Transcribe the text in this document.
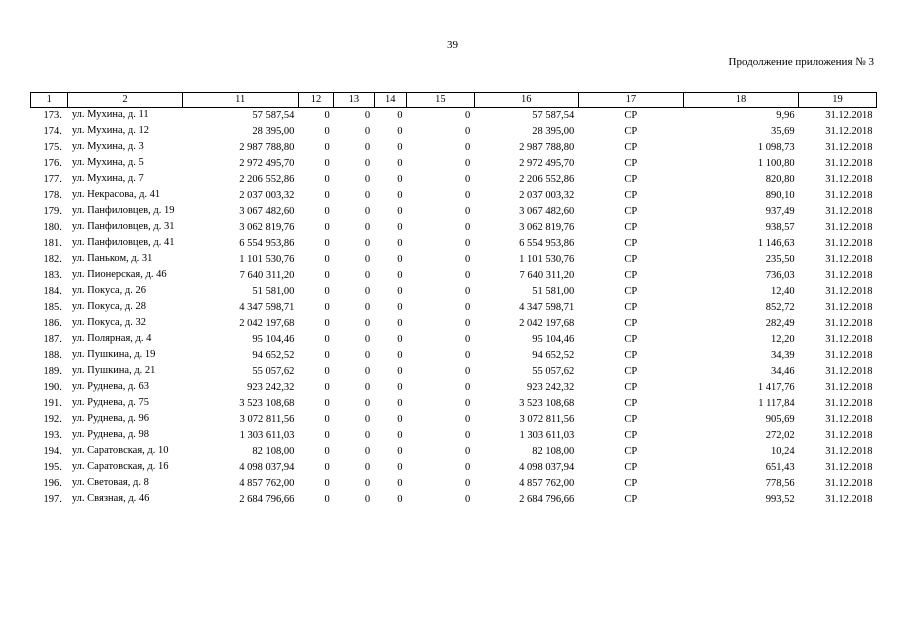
39
Продолжение приложения № 3
1	2	11	12	13	14	15	16	17	18	19
173.	ул. Мухина, д. 11	57 587,54	0	0	0	0	57 587,54	СР	9,96	31.12.2018
174.	ул. Мухина, д. 12	28 395,00	0	0	0	0	28 395,00	СР	35,69	31.12.2018
175.	ул. Мухина, д. 3	2 987 788,80	0	0	0	0	2 987 788,80	СР	1 098,73	31.12.2018
176.	ул. Мухина, д. 5	2 972 495,70	0	0	0	0	2 972 495,70	СР	1 100,80	31.12.2018
177.	ул. Мухина, д. 7	2 206 552,86	0	0	0	0	2 206 552,86	СР	820,80	31.12.2018
178.	ул. Некрасова, д. 41	2 037 003,32	0	0	0	0	2 037 003,32	СР	890,10	31.12.2018
179.	ул. Панфиловцев, д. 19	3 067 482,60	0	0	0	0	3 067 482,60	СР	937,49	31.12.2018
180.	ул. Панфиловцев, д. 31	3 062 819,76	0	0	0	0	3 062 819,76	СР	938,57	31.12.2018
181.	ул. Панфиловцев, д. 41	6 554 953,86	0	0	0	0	6 554 953,86	СР	1 146,63	31.12.2018
182.	ул. Паньком, д. 31	1 101 530,76	0	0	0	0	1 101 530,76	СР	235,50	31.12.2018
183.	ул. Пионерская, д. 46	7 640 311,20	0	0	0	0	7 640 311,20	СР	736,03	31.12.2018
184.	ул. Покуса, д. 26	51 581,00	0	0	0	0	51 581,00	СР	12,40	31.12.2018
185.	ул. Покуса, д. 28	4 347 598,71	0	0	0	0	4 347 598,71	СР	852,72	31.12.2018
186.	ул. Покуса, д. 32	2 042 197,68	0	0	0	0	2 042 197,68	СР	282,49	31.12.2018
187.	ул. Полярная, д. 4	95 104,46	0	0	0	0	95 104,46	СР	12,20	31.12.2018
188.	ул. Пушкина, д. 19	94 652,52	0	0	0	0	94 652,52	СР	34,39	31.12.2018
189.	ул. Пушкина, д. 21	55 057,62	0	0	0	0	55 057,62	СР	34,46	31.12.2018
190.	ул. Руднева, д. 63	923 242,32	0	0	0	0	923 242,32	СР	1 417,76	31.12.2018
191.	ул. Руднева, д. 75	3 523 108,68	0	0	0	0	3 523 108,68	СР	1 117,84	31.12.2018
192.	ул. Руднева, д. 96	3 072 811,56	0	0	0	0	3 072 811,56	СР	905,69	31.12.2018
193.	ул. Руднева, д. 98	1 303 611,03	0	0	0	0	1 303 611,03	СР	272,02	31.12.2018
194.	ул. Саратовская, д. 10	82 108,00	0	0	0	0	82 108,00	СР	10,24	31.12.2018
195.	ул. Саратовская, д. 16	4 098 037,94	0	0	0	0	4 098 037,94	СР	651,43	31.12.2018
196.	ул. Световая, д. 8	4 857 762,00	0	0	0	0	4 857 762,00	СР	778,56	31.12.2018
197.	ул. Связная, д. 46	2 684 796,66	0	0	0	0	2 684 796,66	СР	993,52	31.12.2018
